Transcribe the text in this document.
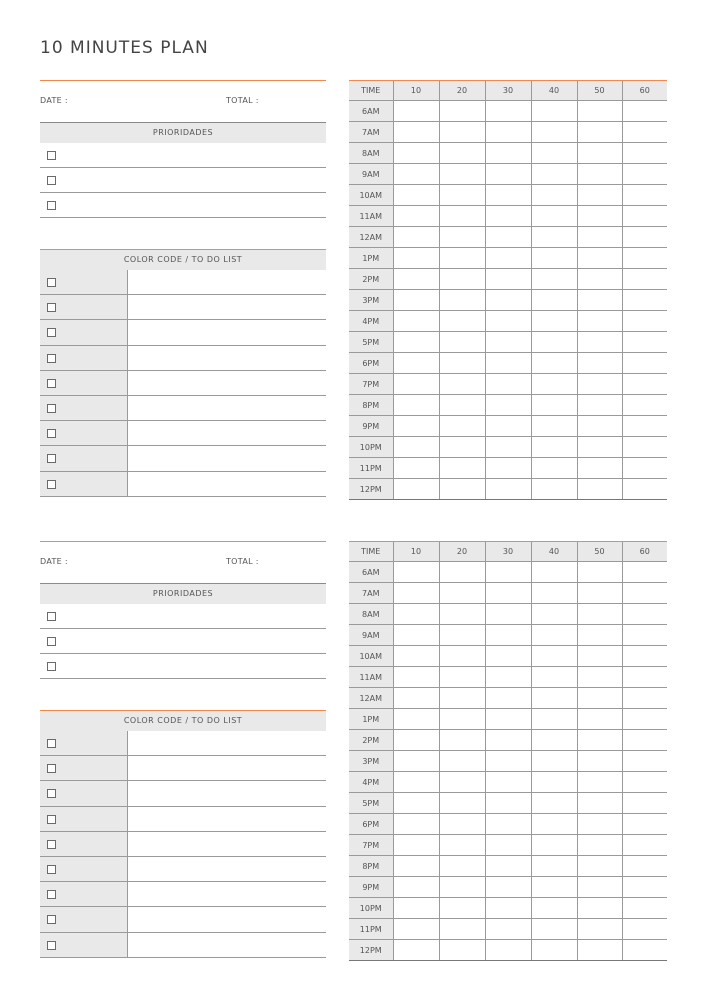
10 MINUTES PLAN
DATE :	TOTAL :
PRIORIDADES
COLOR CODE / TO DO LIST
TIME	10	20	30	40	50	60
6AM						
7AM						
8AM						
9AM						
10AM						
11AM						
12AM						
1PM						
2PM						
3PM						
4PM						
5PM						
6PM						
7PM						
8PM						
9PM						
10PM						
11PM						
12PM						
DATE :	TOTAL :
PRIORIDADES
COLOR CODE / TO DO LIST
TIME	10	20	30	40	50	60
6AM						
7AM						
8AM						
9AM						
10AM						
11AM						
12AM						
1PM						
2PM						
3PM						
4PM						
5PM						
6PM						
7PM						
8PM						
9PM						
10PM						
11PM						
12PM						
